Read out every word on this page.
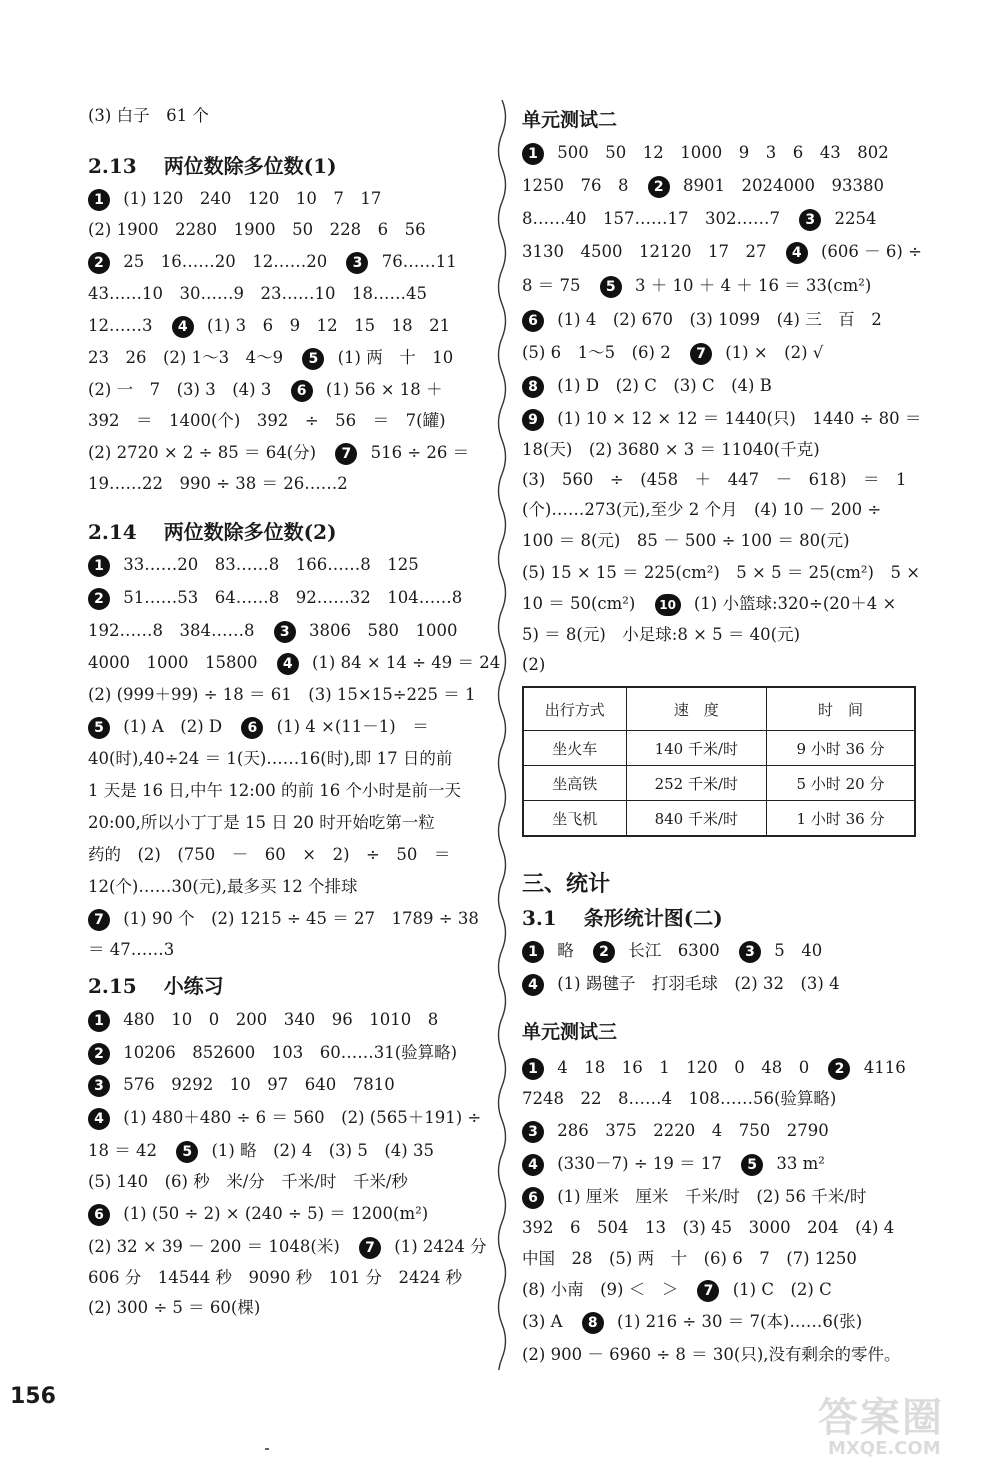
(3) 白子　61 个
2.13 两位数除多位数(1)
1 (1) 120　240　120　10　7　17
(2) 1900　2280　1900　50　228　6　56
2 25　16……20　12……20 3 76……11
43……10　30……9　23……10　18……45
12……3 4 (1) 3　6　9　12　15　18　21
23　26　(2) 1～3　4～9 5 (1) 两　十　10
(2) 一　7　(3) 3　(4) 3 6 (1) 56 × 18 ＋
392　＝　1400(个)　392　÷　56　＝　7(罐)
(2) 2720 × 2 ÷ 85 ＝ 64(分) 7 516 ÷ 26 ＝
19……22　990 ÷ 38 ＝ 26……2
2.14 两位数除多位数(2)
1 33……20　83……8　166……8　125
2 51……53　64……8　92……32　104……8
192……8　384……8 3 3806　580　1000
4000　1000　15800 4 (1) 84 × 14 ÷ 49 ＝ 24
(2) (999＋99) ÷ 18 ＝ 61　(3) 15×15÷225 ＝ 1
5 (1) A　(2) D 6 (1) 4 ×(11－1)　＝
40(时),40÷24 ＝ 1(天)……16(时),即 17 日的前
1 天是 16 日,中午 12:00 的前 16 个小时是前一天
20:00,所以小丁丁是 15 日 20 时开始吃第一粒
药的　(2)　(750　－　60　×　2)　÷　50　＝
12(个)……30(元),最多买 12 个排球
7 (1) 90 个　(2) 1215 ÷ 45 ＝ 27　1789 ÷ 38
＝ 47……3
2.15 小练习
1 480　10　0　200　340　96　1010　8
2 10206　852600　103　60……31(验算略)
3 576　9292　10　97　640　7810
4 (1) 480＋480 ÷ 6 ＝ 560　(2) (565＋191) ÷
18 ＝ 42 5 (1) 略　(2) 4　(3) 5　(4) 35
(5) 140　(6) 秒　米/分　千米/时　千米/秒
6 (1) (50 ÷ 2) × (240 ÷ 5) ＝ 1200(m²)
(2) 32 × 39 － 200 ＝ 1048(米) 7 (1) 2424 分
606 分　14544 秒　9090 秒　101 分　2424 秒
(2) 300 ÷ 5 ＝ 60(棵)
单元测试二
1 500　50　12　1000　9　3　6　43　802
1250　76　8 2 8901　2024000　93380
8……40　157……17　302……7 3 2254
3130　4500　12120　17　27 4 (606 － 6) ÷
8 ＝ 75 5 3 ＋ 10 ＋ 4 ＋ 16 ＝ 33(cm²)
6 (1) 4　(2) 670　(3) 1099　(4) 三　百　2
(5) 6　1～5　(6) 2 7 (1) ×　(2) √
8 (1) D　(2) C　(3) C　(4) B
9 (1) 10 × 12 × 12 ＝ 1440(只)　1440 ÷ 80 ＝
18(天)　(2) 3680 × 3 ＝ 11040(千克)
(3)　560　÷　(458　＋　447　－　618)　＝　1
(个)……273(元),至少 2 个月　(4) 10 － 200 ÷
100 ＝ 8(元)　85 － 500 ÷ 100 ＝ 80(元)
(5) 15 × 15 ＝ 225(cm²)　5 × 5 ＝ 25(cm²)　5 ×
10 ＝ 50(cm²) 10 (1) 小篮球:320÷(20＋4 ×
5) ＝ 8(元)　小足球:8 × 5 ＝ 40(元)
(2)
出行方式	速　度	时　间
坐火车	140 千米/时	9 小时 36 分
坐高铁	252 千米/时	5 小时 20 分
坐飞机	840 千米/时	1 小时 36 分
三、统计
3.1 条形统计图(二)
1 略 2 长江　6300 3 5　40
4 (1) 踢毽子　打羽毛球　(2) 32　(3) 4
单元测试三
1 4　18　16　1　120　0　48　0 2 4116
7248　22　8……4　108……56(验算略)
3 286　375　2220　4　750　2790
4 (330－7) ÷ 19 ＝ 17 5 33 m²
6 (1) 厘米　厘米　千米/时　(2) 56 千米/时
392　6　504　13　(3) 45　3000　204　(4) 4
中国　28　(5) 两　十　(6) 6　7　(7) 1250
(8) 小南　(9) ＜　＞ 7 (1) C　(2) C
(3) A 8 (1) 216 ÷ 30 ＝ 7(本)……6(张)
(2) 900 － 6960 ÷ 8 ＝ 30(只),没有剩余的零件。
156	答案圈
MXQE.COM
